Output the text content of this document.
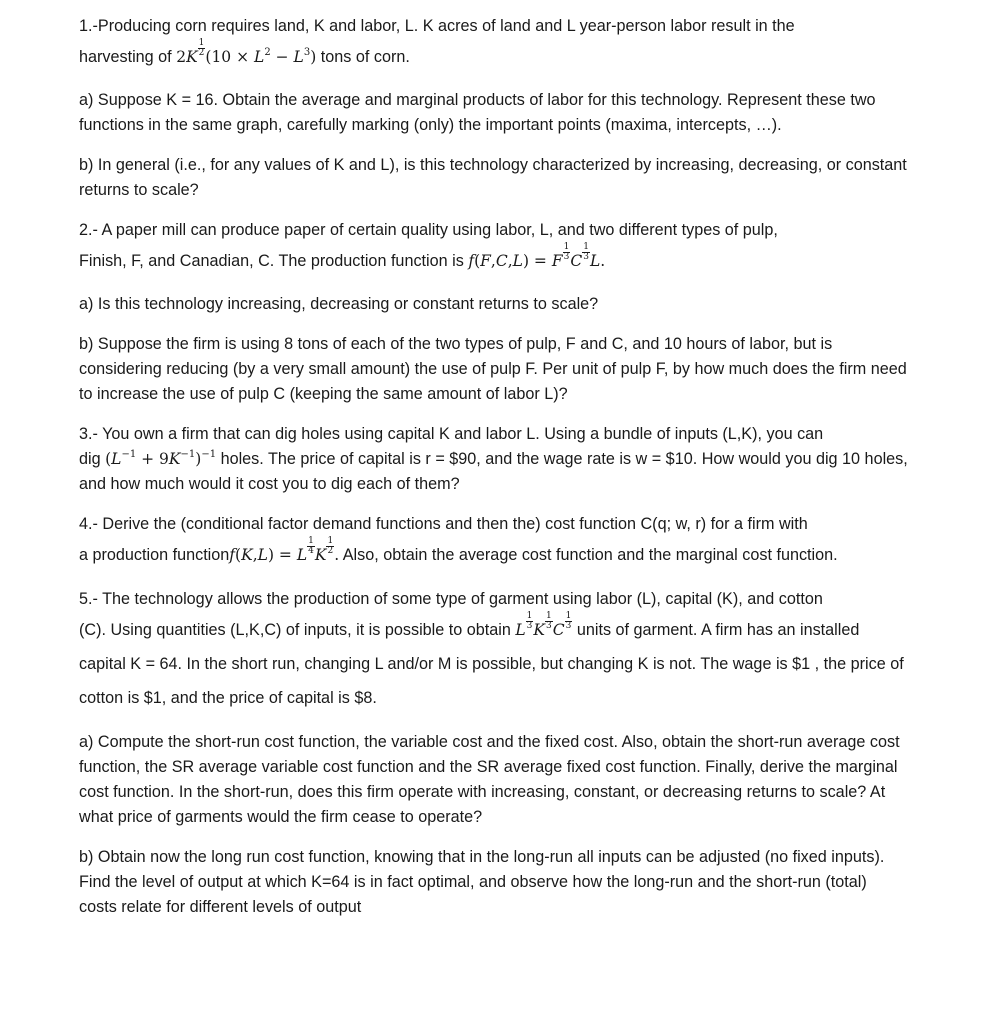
1.-Producing corn requires land, K and labor, L. K acres of land and L year-person labor result in the
harvesting of 2K $^{\frac{1}{2}}$ $(10 \times L^2 - L^3)$ tons of corn.

a) Suppose K = 16. Obtain the average and marginal products of labor for this technology. Represent these two functions in the same graph, carefully marking (only) the important points (maxima, intercepts, …).

b) In general (i.e., for any values of K and L), is this technology characterized by increasing, decreasing, or constant returns to scale?

2.- A paper mill can produce paper of certain quality using labor, L, and two different types of pulp,
Finish, F, and Canadian, C. The production function is f(F,C,L) = F $^{\frac{1}{3}}$ C $^{\frac{1}{3}}$ L.

a) Is this technology increasing, decreasing or constant returns to scale?

b) Suppose the firm is using 8 tons of each of the two types of pulp, F and C, and 10 hours of labor, but is considering reducing (by a very small amount) the use of pulp F. Per unit of pulp F, by how much does the firm need to increase the use of pulp C (keeping the same amount of labor L)?

3.- You own a firm that can dig holes using capital K and labor L. Using a bundle of inputs (L,K), you can
dig $(L^{-1} + 9K^{-1})^{-1}$ holes. The price of capital is r = $90, and the wage rate is w = $10. How would you dig 10 holes, and how much would it cost you to dig each of them?

4.- Derive the (conditional factor demand functions and then the) cost function C(q; w, r) for a firm with
a production functionf(K,L) = L $^{\frac{1}{4}}$ K $^{\frac{1}{2}}$ . Also, obtain the average cost function and the marginal cost function.

5.- The technology allows the production of some type of garment using labor (L), capital (K), and cotton
(C). Using quantities (L,K,C) of inputs, it is possible to obtain L $^{\frac{1}{3}}$ K $^{\frac{1}{3}}$ C $^{\frac{1}{3}}$ units of garment. A firm has an installed capital K = 64. In the short run, changing L and/or M is possible, but changing K is not. The wage is $1 , the price of cotton is $1, and the price of capital is $8.

a) Compute the short-run cost function, the variable cost and the fixed cost. Also, obtain the short-run average cost function, the SR average variable cost function and the SR average fixed cost function. Finally, derive the marginal cost function. In the short-run, does this firm operate with increasing, constant, or decreasing returns to scale? At what price of garments would the firm cease to operate?

b) Obtain now the long run cost function, knowing that in the long-run all inputs can be adjusted (no fixed inputs). Find the level of output at which K=64 is in fact optimal, and observe how the long-run and the short-run (total) costs relate for different levels of output
